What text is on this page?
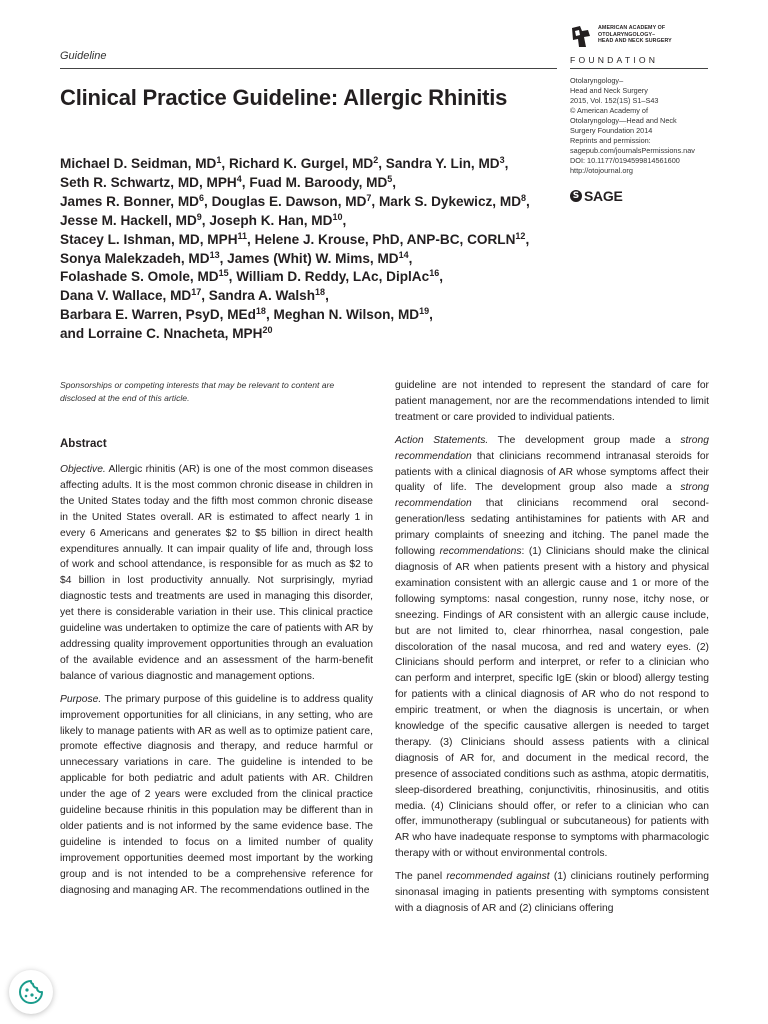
Guideline
Clinical Practice Guideline: Allergic Rhinitis
AMERICAN ACADEMY OF
OTOLARYNGOLOGY–
HEAD AND NECK SURGERY
FOUNDATION
Otolaryngology–
Head and Neck Surgery
2015, Vol. 152(1S) S1–S43
© American Academy of
Otolaryngology—Head and Neck
Surgery Foundation 2014
Reprints and permission:
sagepub.com/journalsPermissions.nav
DOI: 10.1177/0194599814561600
http://otojournal.org
S SAGE
Michael D. Seidman, $MD^1$, Richard K. Gurgel, $MD^2$, Sandra Y. Lin, $MD^3$,
Seth R. Schwartz, MD, MPH$^4$, Fuad M. Baroody, $MD^5$,
James R. Bonner, $MD^6$, Douglas E. Dawson, $MD^7$, Mark S. Dykewicz, $MD^8$,
Jesse M. Hackell, $MD^9$, Joseph K. Han, MD$^{10}$,
Stacey L. Ishman, MD, MPH$^{11}$, Helene J. Krouse, PhD, ANP-BC, CORLN$^{12}$,
Sonya Malekzadeh, MD$^{13}$, James (Whit) W. Mims, MD$^{14}$,
Folashade S. Omole, MD$^{15}$, William D. Reddy, LAc, DiplAc$^{16}$,
Dana V. Wallace, MD$^{17}$, Sandra A. Walsh$^{18}$,
Barbara E. Warren, PsyD, MEd$^{18}$, Meghan N. Wilson, MD$^{19}$,
and Lorraine C. Nnacheta, MPH$^{20}$
Sponsorships or competing interests that may be relevant to content are disclosed at the end of this article.
Abstract

Objective. Allergic rhinitis (AR) is one of the most common diseases affecting adults. It is the most common chronic disease in children in the United States today and the fifth most common chronic disease in the United States overall. AR is estimated to affect nearly 1 in every 6 Americans and generates $2 to $5 billion in direct health expenditures annually. It can impair quality of life and, through loss of work and school attendance, is responsible for as much as $2 to $4 billion in lost productivity annually. Not surprisingly, myriad diagnostic tests and treatments are used in managing this disorder, yet there is considerable variation in their use. This clinical practice guideline was undertaken to optimize the care of patients with AR by addressing quality improvement opportunities through an evaluation of the available evidence and an assessment of the harm-benefit balance of various diagnostic and management options.

Purpose. The primary purpose of this guideline is to address quality improvement opportunities for all clinicians, in any setting, who are likely to manage patients with AR as well as to optimize patient care, promote effective diagnosis and therapy, and reduce harmful or unnecessary variations in care. The guideline is intended to be applicable for both pediatric and adult patients with AR. Children under the age of 2 years were excluded from the clinical practice guideline because rhinitis in this population may be different than in older patients and is not informed by the same evidence base. The guideline is intended to focus on a limited number of quality improvement opportunities deemed most important by the working group and is not intended to be a comprehensive reference for diagnosing and managing AR. The recommendations outlined in the

guideline are not intended to represent the standard of care for patient management, nor are the recommendations intended to limit treatment or care provided to individual patients.

Action Statements. The development group made a strong recommendation that clinicians recommend intranasal steroids for patients with a clinical diagnosis of AR whose symptoms affect their quality of life. The development group also made a strong recommendation that clinicians recommend oral second-generation/less sedating antihistamines for patients with AR and primary complaints of sneezing and itching. The panel made the following recommendations: (1) Clinicians should make the clinical diagnosis of AR when patients present with a history and physical examination consistent with an allergic cause and 1 or more of the following symptoms: nasal congestion, runny nose, itchy nose, or sneezing. Findings of AR consistent with an allergic cause include, but are not limited to, clear rhinorrhea, nasal congestion, pale discoloration of the nasal mucosa, and red and watery eyes. (2) Clinicians should perform and interpret, or refer to a clinician who can perform and interpret, specific IgE (skin or blood) allergy testing for patients with a clinical diagnosis of AR who do not respond to empiric treatment, or when the diagnosis is uncertain, or when knowledge of the specific causative allergen is needed to target therapy. (3) Clinicians should assess patients with a clinical diagnosis of AR for, and document in the medical record, the presence of associated conditions such as asthma, atopic dermatitis, sleep-disordered breathing, conjunctivitis, rhinosinusitis, and otitis media. (4) Clinicians should offer, or refer to a clinician who can offer, immunotherapy (sublingual or subcutaneous) for patients with AR who have inadequate response to symptoms with pharmacologic therapy with or without environmental controls.

The panel recommended against (1) clinicians routinely performing sinonasal imaging in patients presenting with symptoms consistent with a diagnosis of AR and (2) clinicians offering
